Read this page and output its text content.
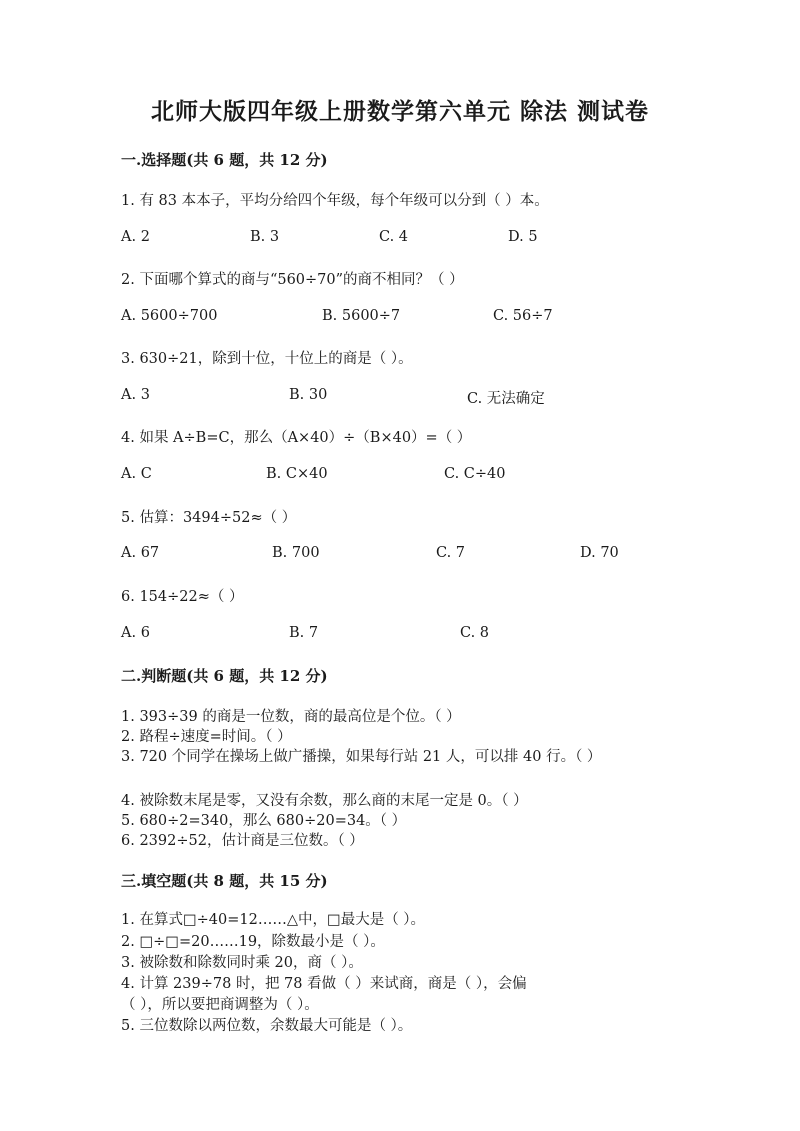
北师大版四年级上册数学第六单元 除法 测试卷
一.选择题(共 6 题，共 12 分)
1. 有 83 本本子，平均分给四个年级，每个年级可以分到（ ）本。
A. 2	B. 3	C. 4	D. 5
2. 下面哪个算式的商与“560÷70”的商不相同？（ ）
A. 5600÷700	B. 5600÷7	C. 56÷7
3. 630÷21，除到十位，十位上的商是（ ）。
A. 3	B. 30	C. 无法确定
4. 如果 A÷B=C，那么（A×40）÷（B×40）=（ ）
A. C	B. C×40	C. C÷40
5. 估算：3494÷52≈（ ）
A. 67	B. 700	C. 7	D. 70
6. 154÷22≈（ ）
A. 6	B. 7	C. 8
二.判断题(共 6 题，共 12 分)
1. 393÷39 的商是一位数，商的最高位是个位。（ ）
2. 路程÷速度=时间。（ ）
3. 720 个同学在操场上做广播操，如果每行站 21 人，可以排 40 行。（ ）
4. 被除数末尾是零，又没有余数，那么商的末尾一定是 0。（ ）
5. 680÷2=340，那么 680÷20=34。（ ）
6. 2392÷52，估计商是三位数。（ ）
三.填空题(共 8 题，共 15 分)
1. 在算式□÷40=12……△中，□最大是（ ）。
2. □÷□=20……19，除数最小是（ ）。
3. 被除数和除数同时乘 20，商（ ）。
4. 计算 239÷78 时，把 78 看做（ ）来试商，商是（ ），会偏
（ ），所以要把商调整为（ ）。
5. 三位数除以两位数，余数最大可能是（ ）。
